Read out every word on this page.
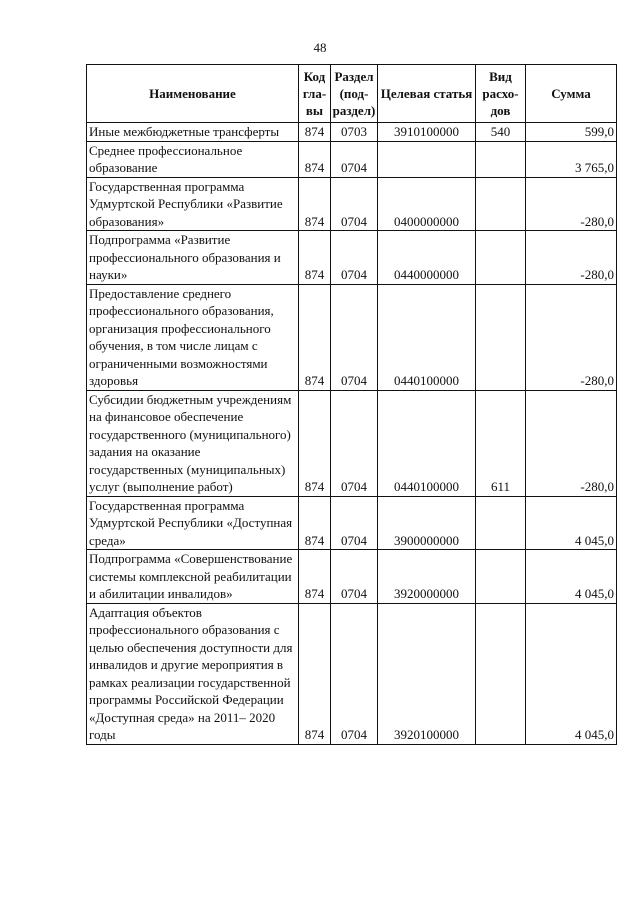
48
Наименование	Код гла-вы	Раздел (под-раздел)	Целевая статья	Вид расхо-дов	Сумма
Иные межбюджетные трансферты	874	0703	3910100000	540	599,0
Среднее профессиональное образование	874	0704			3 765,0
Государственная программа Удмуртской Республики «Развитие образования»	874	0704	0400000000		-280,0
Подпрограмма «Развитие профессионального образования и науки»	874	0704	0440000000		-280,0
Предоставление среднего профессионального образования, организация профессионального обучения, в том числе лицам с ограниченными возможностями здоровья	874	0704	0440100000		-280,0
Субсидии бюджетным учреждениям на финансовое обеспечение государственного (муниципального) задания на оказание государственных (муниципальных) услуг (выполнение работ)	874	0704	0440100000	611	-280,0
Государственная программа Удмуртской Республики «Доступная среда»	874	0704	3900000000		4 045,0
Подпрограмма «Совершенствование системы комплексной реабилитации и абилитации инвалидов»	874	0704	3920000000		4 045,0
Адаптация объектов профессионального образования с целью обеспечения доступности для инвалидов и другие мероприятия в рамках реализации государственной программы Российской Федерации «Доступная среда» на 2011– 2020 годы	874	0704	3920100000		4 045,0
